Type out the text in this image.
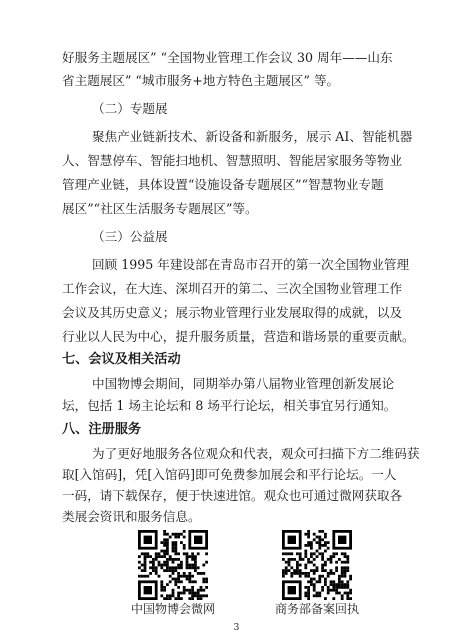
好服务主题展区” “全国物业管理工作会议 30 周年——山东
省主题展区” “城市服务+地方特色主题展区” 等。
（二）专题展
聚焦产业链新技术、新设备和新服务，展示 AI、智能机器
人、智慧停车、智能扫地机、智慧照明、智能居家服务等物业
管理产业链，具体设置“设施设备专题展区”“智慧物业专题
展区”“社区生活服务专题展区”等。
（三）公益展
回顾 1995 年建设部在青岛市召开的第一次全国物业管理
工作会议，在大连、深圳召开的第二、三次全国物业管理工作
会议及其历史意义；展示物业管理行业发展取得的成就，以及
行业以人民为中心，提升服务质量，营造和谐场景的重要贡献。
七、会议及相关活动
中国物博会期间，同期举办第八届物业管理创新发展论
坛，包括 1 场主论坛和 8 场平行论坛，相关事宜另行通知。
八、注册服务
为了更好地服务各位观众和代表，观众可扫描下方二维码获
取[入馆码]，凭[入馆码]即可免费参加展会和平行论坛。一人
一码，请下载保存，便于快速进馆。观众也可通过微网获取各
类展会资讯和服务信息。
中国物博会微网	商务部备案回执
3
